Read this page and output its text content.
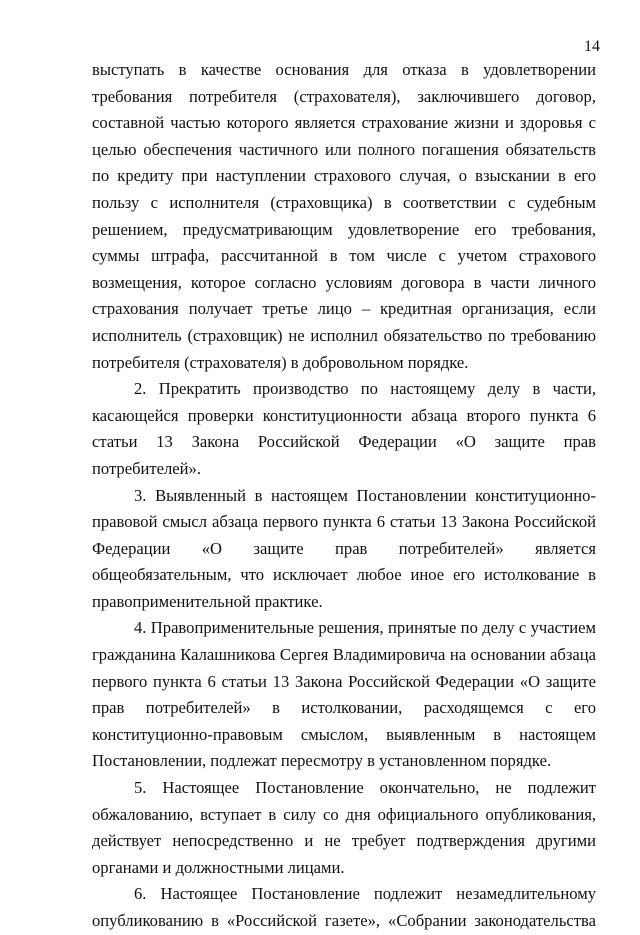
14

выступать в качестве основания для отказа в удовлетворении требования потребителя (страхователя), заключившего договор, составной частью которого является страхование жизни и здоровья с целью обеспечения частичного или полного погашения обязательств по кредиту при наступлении страхового случая, о взыскании в его пользу с исполнителя (страховщика) в соответствии с судебным решением, предусматривающим удовлетворение его требования, суммы штрафа, рассчитанной в том числе с учетом страхового возмещения, которое согласно условиям договора в части личного страхования получает третье лицо – кредитная организация, если исполнитель (страховщик) не исполнил обязательство по требованию потребителя (страхователя) в добровольном порядке.

2. Прекратить производство по настоящему делу в части, касающейся проверки конституционности абзаца второго пункта 6 статьи 13 Закона Российской Федерации «О защите прав потребителей».

3. Выявленный в настоящем Постановлении конституционно-правовой смысл абзаца первого пункта 6 статьи 13 Закона Российской Федерации «О защите прав потребителей» является общеобязательным, что исключает любое иное его истолкование в правоприменительной практике.

4. Правоприменительные решения, принятые по делу с участием гражданина Калашникова Сергея Владимировича на основании абзаца первого пункта 6 статьи 13 Закона Российской Федерации «О защите прав потребителей» в истолковании, расходящемся с его конституционно-правовым смыслом, выявленным в настоящем Постановлении, подлежат пересмотру в установленном порядке.

5. Настоящее Постановление окончательно, не подлежит обжалованию, вступает в силу со дня официального опубликования, действует непосредственно и не требует подтверждения другими органами и должностными лицами.

6. Настоящее Постановление подлежит незамедлительному опубликованию в «Российской газете», «Собрании законодательства
